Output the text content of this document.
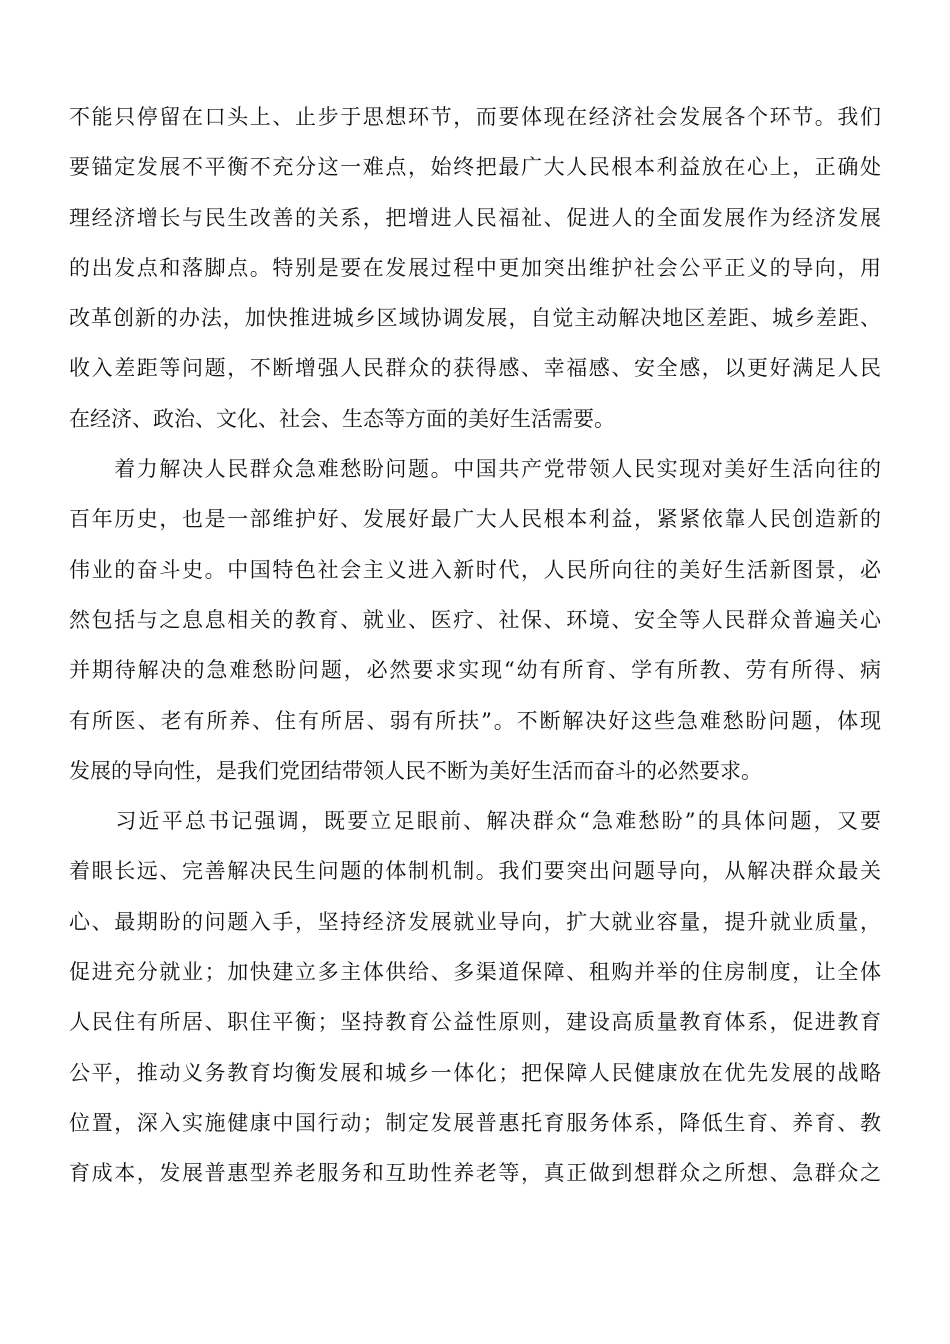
不能只停留在口头上、止步于思想环节，而要体现在经济社会发展各个环节。我们
要锚定发展不平衡不充分这一难点，始终把最广大人民根本利益放在心上，正确处
理经济增长与民生改善的关系，把增进人民福祉、促进人的全面发展作为经济发展
的出发点和落脚点。特别是要在发展过程中更加突出维护社会公平正义的导向，用
改革创新的办法，加快推进城乡区域协调发展，自觉主动解决地区差距、城乡差距、
收入差距等问题，不断增强人民群众的获得感、幸福感、安全感，以更好满足人民
在经济、政治、文化、社会、生态等方面的美好生活需要。
　　着力解决人民群众急难愁盼问题。中国共产党带领人民实现对美好生活向往的
百年历史，也是一部维护好、发展好最广大人民根本利益，紧紧依靠人民创造新的
伟业的奋斗史。中国特色社会主义进入新时代，人民所向往的美好生活新图景，必
然包括与之息息相关的教育、就业、医疗、社保、环境、安全等人民群众普遍关心
并期待解决的急难愁盼问题，必然要求实现“幼有所育、学有所教、劳有所得、病
有所医、老有所养、住有所居、弱有所扶”。不断解决好这些急难愁盼问题，体现
发展的导向性，是我们党团结带领人民不断为美好生活而奋斗的必然要求。
　　习近平总书记强调，既要立足眼前、解决群众“急难愁盼”的具体问题，又要
着眼长远、完善解决民生问题的体制机制。我们要突出问题导向，从解决群众最关
心、最期盼的问题入手，坚持经济发展就业导向，扩大就业容量，提升就业质量，
促进充分就业；加快建立多主体供给、多渠道保障、租购并举的住房制度，让全体
人民住有所居、职住平衡；坚持教育公益性原则，建设高质量教育体系，促进教育
公平，推动义务教育均衡发展和城乡一体化；把保障人民健康放在优先发展的战略
位置，深入实施健康中国行动；制定发展普惠托育服务体系，降低生育、养育、教
育成本，发展普惠型养老服务和互助性养老等，真正做到想群众之所想、急群众之
